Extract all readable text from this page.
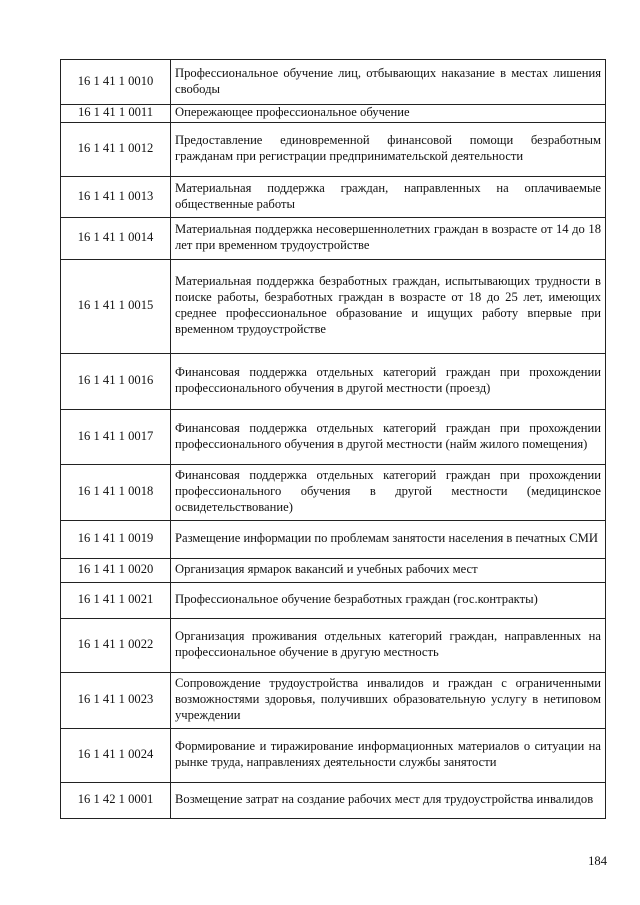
16 1 41 1 0010	Профессиональное обучение лиц, отбывающих наказание в местах лишения свободы
16 1 41 1 0011	Опережающее профессиональное обучение
16 1 41 1 0012	Предоставление единовременной финансовой помощи безработным гражданам при регистрации предпринимательской деятельности
16 1 41 1 0013	Материальная поддержка граждан, направленных на оплачиваемые общественные работы
16 1 41 1 0014	Материальная поддержка несовершеннолетних граждан в возрасте от 14 до 18 лет при временном трудоустройстве
16 1 41 1 0015	Материальная поддержка безработных граждан, испытывающих трудности в поиске работы, безработных граждан в возрасте от 18 до 25 лет, имеющих среднее профессиональное образование и ищущих работу впервые при временном трудоустройстве
16 1 41 1 0016	Финансовая поддержка отдельных категорий граждан при прохождении профессионального обучения в другой местности (проезд)
16 1 41 1 0017	Финансовая поддержка отдельных категорий граждан при прохождении профессионального обучения в другой местности (найм жилого помещения)
16 1 41 1 0018	Финансовая поддержка отдельных категорий граждан при прохождении профессионального обучения в другой местности (медицинское освидетельствование)
16 1 41 1 0019	Размещение информации по проблемам занятости населения в печатных СМИ
16 1 41 1 0020	Организация ярмарок вакансий и учебных рабочих мест
16 1 41 1 0021	Профессиональное обучение безработных граждан (гос.контракты)
16 1 41 1 0022	Организация проживания отдельных категорий граждан, направленных на профессиональное обучение в другую местность
16 1 41 1 0023	Сопровождение трудоустройства инвалидов и граждан с ограниченными возможностями здоровья, получивших образовательную услугу в нетиповом учреждении
16 1 41 1 0024	Формирование и тиражирование информационных материалов о ситуации на рынке труда, направлениях деятельности службы занятости
16 1 42 1 0001	Возмещение затрат на создание рабочих мест для трудоустройства инвалидов
184
